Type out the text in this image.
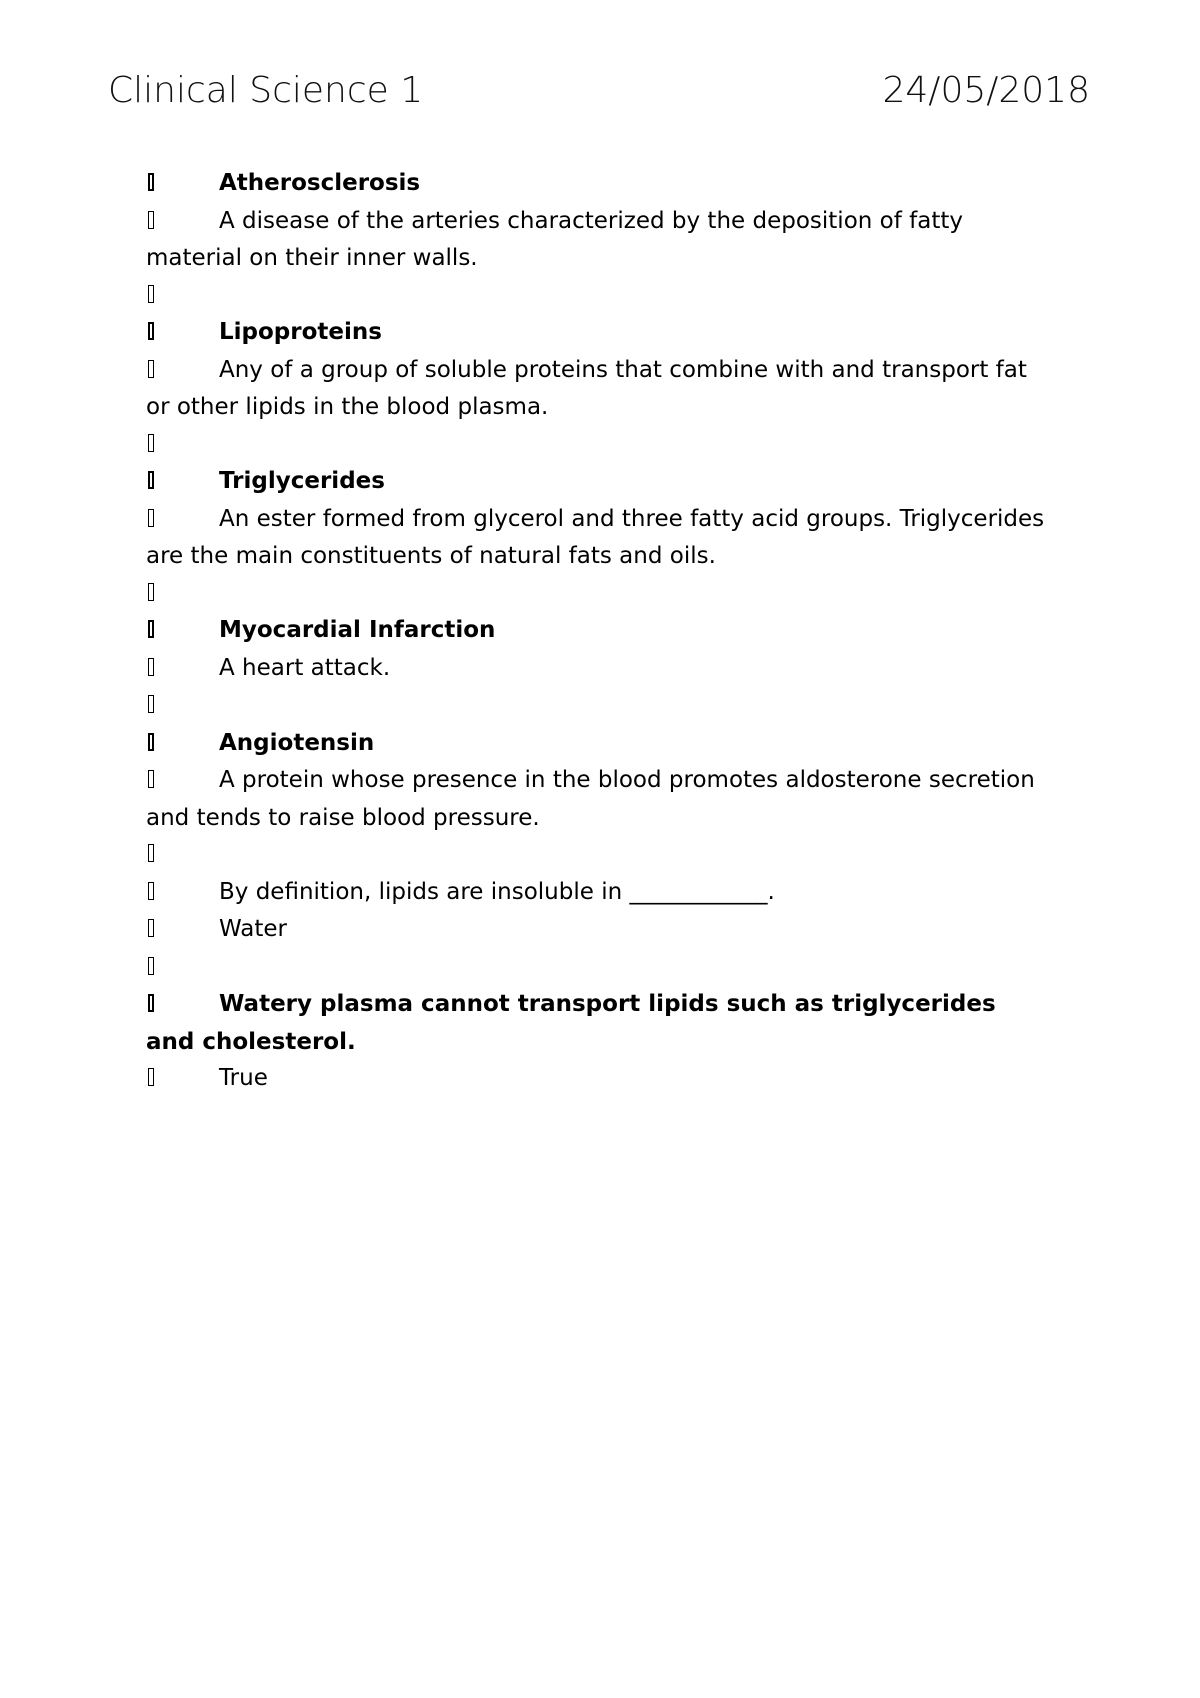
Clinical Science 1	24/05/2018
Atherosclerosis
A disease of the arteries characterized by the deposition of fatty material on their inner walls.
Lipoproteins
Any of a group of soluble proteins that combine with and transport fat or other lipids in the blood plasma.
Triglycerides
An ester formed from glycerol and three fatty acid groups. Triglycerides are the main constituents of natural fats and oils.
Myocardial Infarction
A heart attack.
Angiotensin
A protein whose presence in the blood promotes aldosterone secretion and tends to raise blood pressure.
By definition, lipids are insoluble in ____________.
Water
Watery plasma cannot transport lipids such as triglycerides and cholesterol.
True
